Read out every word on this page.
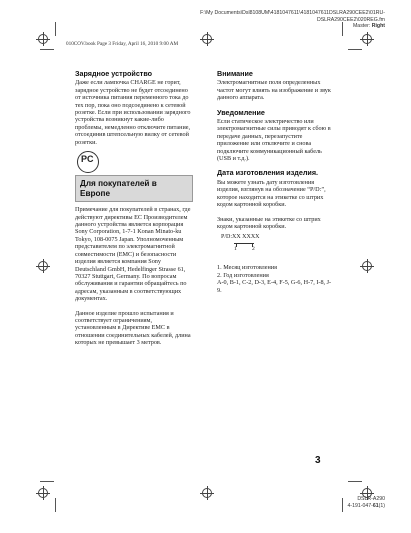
F:\My Documents\Dsl8108UM\4181047611\4181047611DSLRA290CEE2\01RU-
DSLRA290CEE2\020REG.fm
Master: Right
010COV.book Page 3 Friday, April 16, 2010 9:00 AM
Зарядное устройство

Даже если лампочка CHARGE не горит, зарядное устройство не будет отсоединено от источника питания переменного тока до тех пор, пока оно подсоединено к сетевой розетке. Если при использовании зарядного устройства возникнут какие-либо проблемы, немедленно отключите питание, отсоединив штепсельную вилку от сетевой розетки.

PC
Для покупателей в Европе

Примечание для покупателей в странах, где действуют директивы ЕС Производителем данного устройства является корпорация Sony Corporation, 1-7-1 Konan Minato-ku Tokyo, 108-0075 Japan. Уполномоченным представителем по электромагнитной совместимости (EMC) и безопасности изделия является компания Sony Deutschland GmbH, Hedelfinger Strasse 61, 70327 Stuttgart, Germany. По вопросам обслуживания и гарантии обращайтесь по адресам, указанным в соответствующих документах.

Данное изделие прошло испытания и соответствует ограничениям, установленным в Директиве ЕМС в отношении соединительных кабелей, длина которых не превышает 3 метров.

Внимание

Электромагнитные поля определенных частот могут влиять на изображение и звук данного аппарата.

Уведомление

Если статическое электричество или электромагнитные силы приводят к сбою в передаче данных, перезапустите приложение или отключите и снова подключите коммуникационный кабель (USB и т.д.).

Дата изготовления изделия.

Вы можете узнать дату изготовления изделия, взглянув на обозначение “P/D:”, которое находится на этикетке со штрих кодом картонной коробки.

Знаки, указанные на этикетке со штрих кодом картонной коробки.

P/D:XX XXXX
1	2

1. Месяц изготовления

2. Год изготовления

A-0, B-1, C-2, D-3, E-4, F-5, G-6, H-7, I-8, J-9.

3
DSLR-A290
4-191-047-61(1)
